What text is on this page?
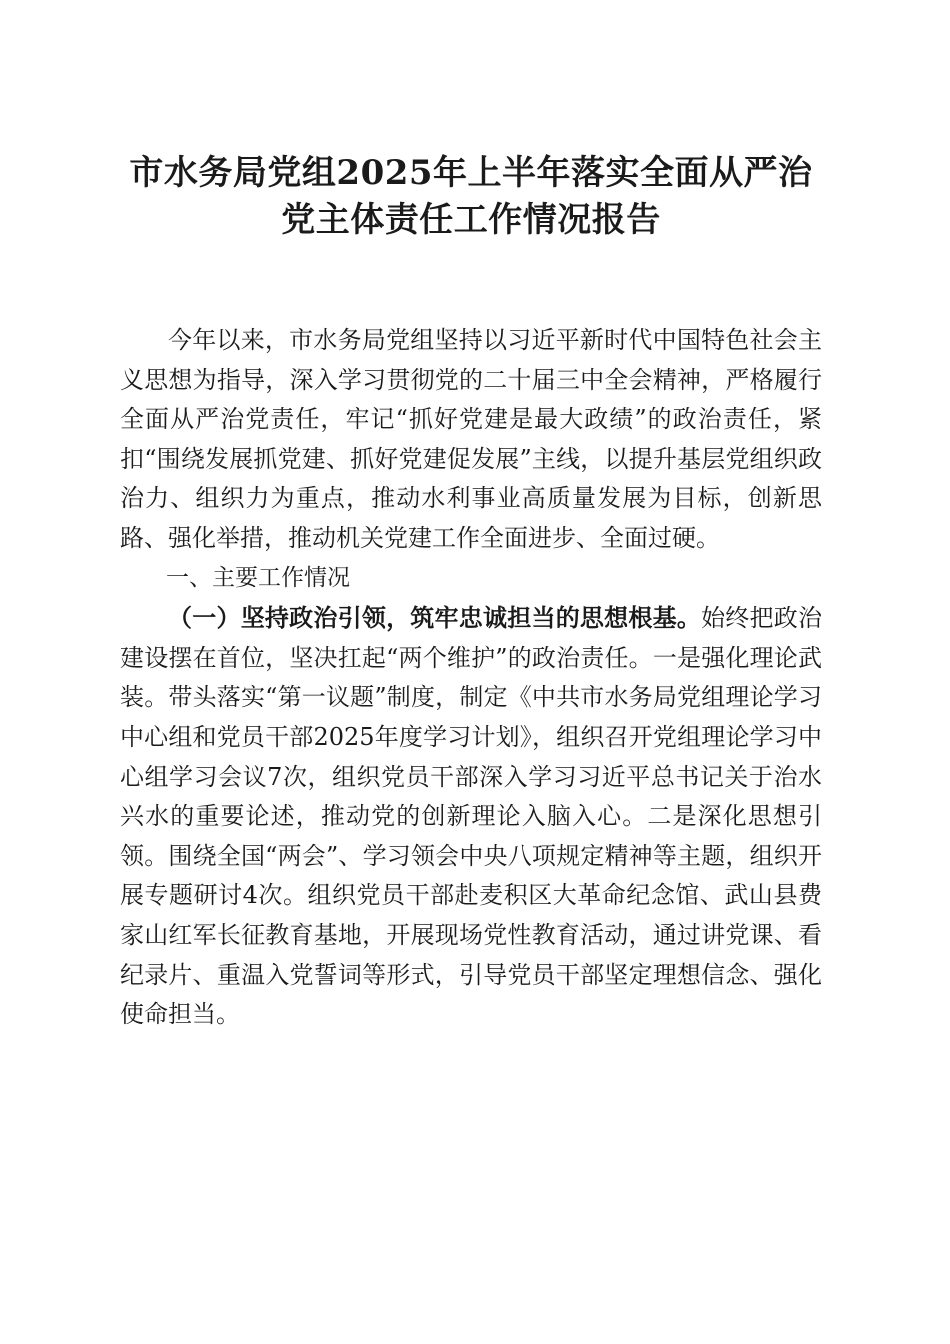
市水务局党组2025年上半年落实全面从严治
党主体责任工作情况报告

今年以来，市水务局党组坚持以习近平新时代中国特色社会主义思想为指导，深入学习贯彻党的二十届三中全会精神，严格履行全面从严治党责任，牢记“抓好党建是最大政绩”的政治责任，紧扣“围绕发展抓党建、抓好党建促发展”主线，以提升基层党组织政治力、组织力为重点，推动水利事业高质量发展为目标，创新思路、强化举措，推动机关党建工作全面进步、全面过硬。

一、主要工作情况

（一）坚持政治引领，筑牢忠诚担当的思想根基。始终把政治建设摆在首位，坚决扛起“两个维护”的政治责任。一是强化理论武装。带头落实“第一议题”制度，制定《中共市水务局党组理论学习中心组和党员干部2025年度学习计划》，组织召开党组理论学习中心组学习会议7次，组织党员干部深入学习习近平总书记关于治水兴水的重要论述，推动党的创新理论入脑入心。二是深化思想引领。围绕全国“两会”、学习领会中央八项规定精神等主题，组织开展专题研讨4次。组织党员干部赴麦积区大革命纪念馆、武山县费家山红军长征教育基地，开展现场党性教育活动，通过讲党课、看纪录片、重温入党誓词等形式，引导党员干部坚定理想信念、强化使命担当。
